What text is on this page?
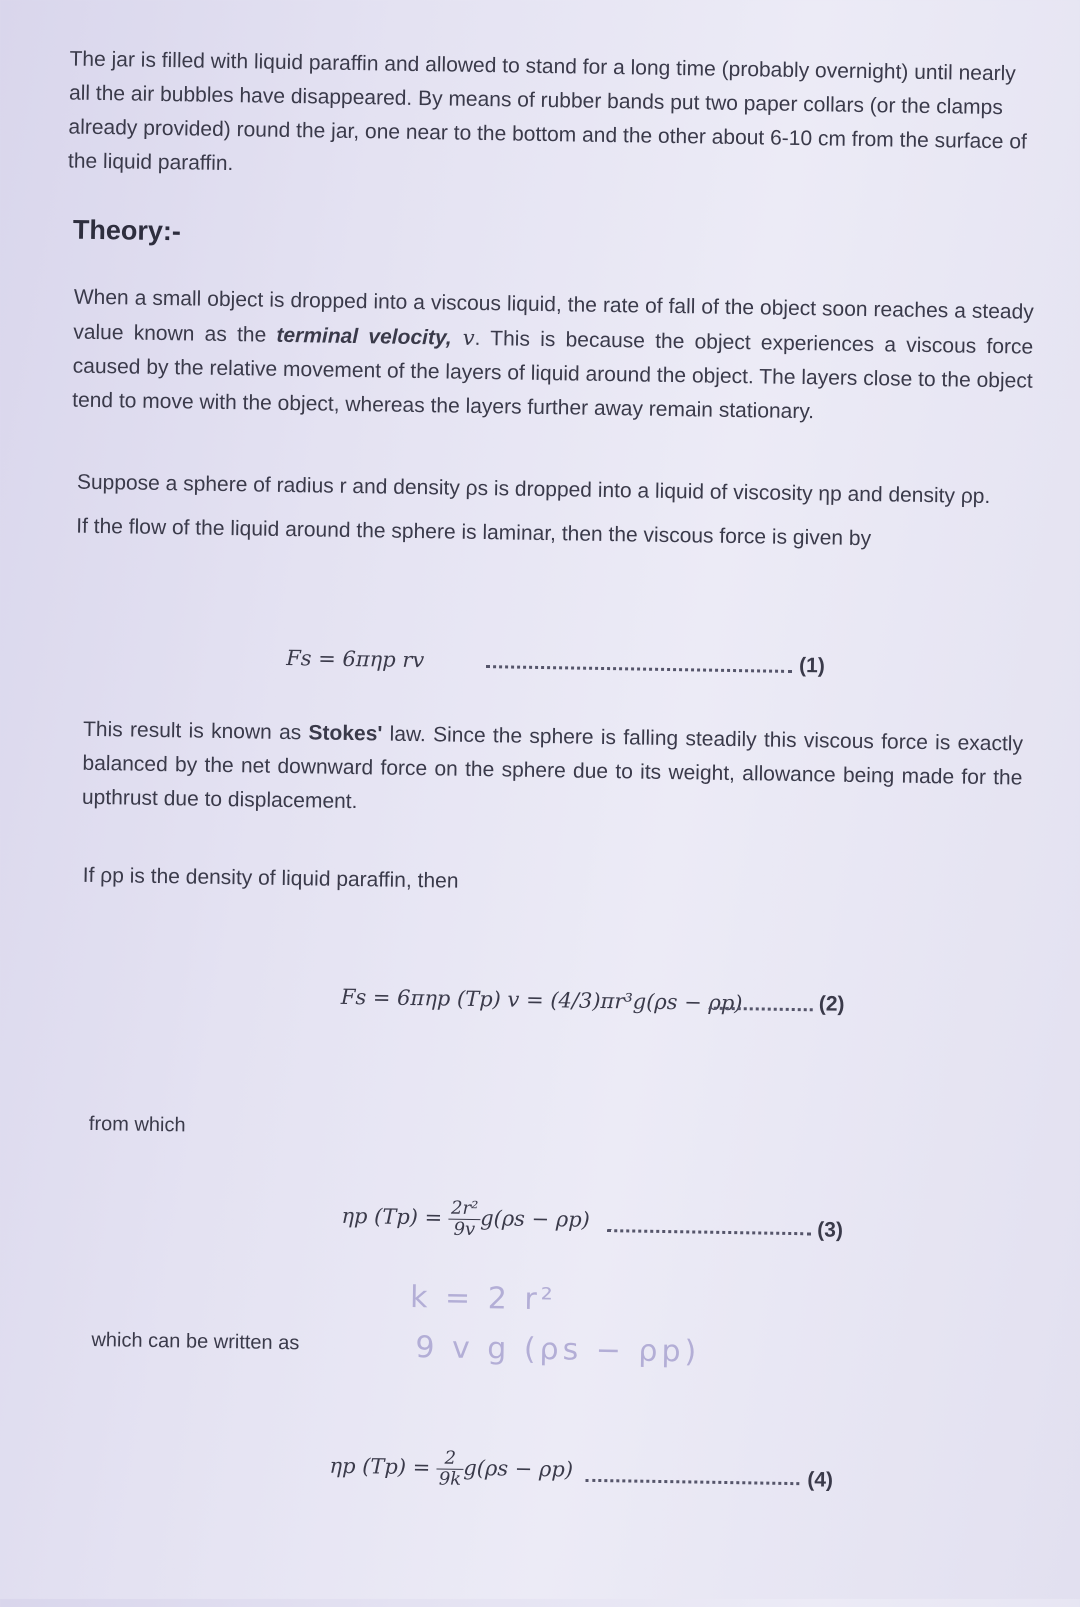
The jar is filled with liquid paraffin and allowed to stand for a long time (probably overnight) until nearly all the air bubbles have disappeared. By means of rubber bands put two paper collars (or the clamps already provided) round the jar, one near to the bottom and the other about 6-10 cm from the surface of the liquid paraffin.

Theory:-

When a small object is dropped into a viscous liquid, the rate of fall of the object soon reaches a steady value known as the terminal velocity, v. This is because the object experiences a viscous force caused by the relative movement of the layers of liquid around the object. The layers close to the object tend to move with the object, whereas the layers further away remain stationary.

Suppose a sphere of radius r and density ρs is dropped into a liquid of viscosity ηp and density ρp.

If the flow of the liquid around the sphere is laminar, then the viscous force is given by

Fs = 6πηp rv	(1)

This result is known as Stokes' law. Since the sphere is falling steadily this viscous force is exactly balanced by the net downward force on the sphere due to its weight, allowance being made for the upthrust due to displacement.

If ρp is the density of liquid paraffin, then

Fs = 6πηp (Tp) v = (4/3)πr³g(ρs − ρp)	(2)
from which
ηp $(Tp) = \frac{\text{2r²}}{9v} g(\rho s - \rho p)$	(3)
k = 2 r²
9 v g (ρs − ρp)
which can be written as
ηp $(Tp) = \frac{2}{9k} g(\rho s - \rho p)$	(4)
